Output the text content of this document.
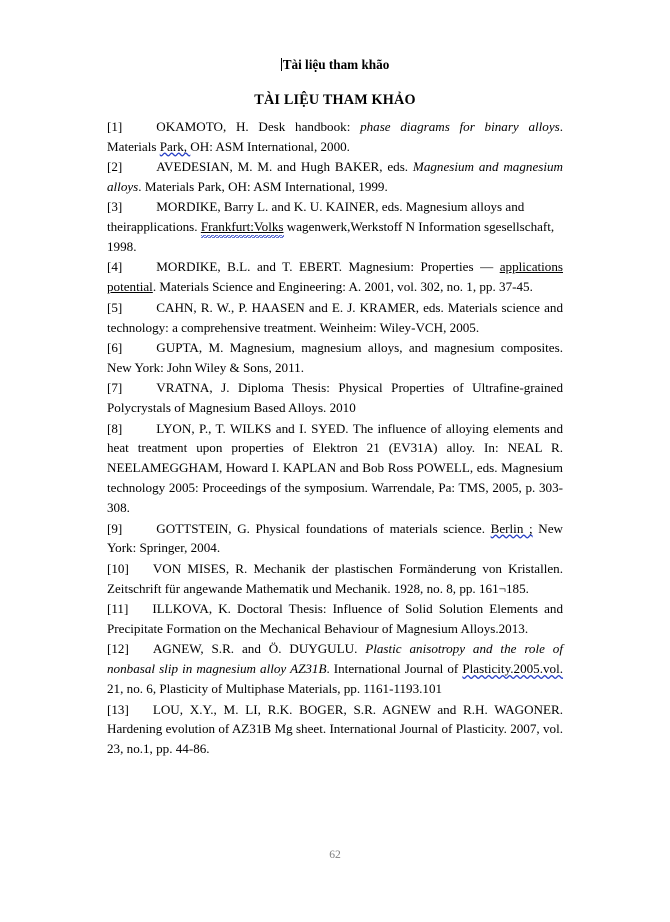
Tài liệu tham khão
TÀI LIỆU THAM KHẢO

[1]	OKAMOTO, H. Desk handbook: phase diagrams for binary alloys. Materials Park, OH: ASM International, 2000.

[2]	AVEDESIAN, M. M. and Hugh BAKER, eds. Magnesium and magnesium alloys. Materials Park, OH: ASM International, 1999.

[3]	MORDIKE, Barry L. and K. U. KAINER, eds. Magnesium alloys and theirapplications. Frankfurt:Volks wagenwerk,Werkstoff N Information sgesellschaft, 1998.

[4]	MORDIKE, B.L. and T. EBERT. Magnesium: Properties — applications potential. Materials Science and Engineering: A. 2001, vol. 302, no. 1, pp. 37-45.

[5]	CAHN, R. W., P. HAASEN and E. J. KRAMER, eds. Materials science and technology: a comprehensive treatment. Weinheim: Wiley-VCH, 2005.

[6]	GUPTA, M. Magnesium, magnesium alloys, and magnesium composites. New York: John Wiley & Sons, 2011.

[7]	VRATNA, J. Diploma Thesis: Physical Properties of Ultrafine-grained Polycrystals of Magnesium Based Alloys. 2010

[8]	LYON, P., T. WILKS and I. SYED. The influence of alloying elements and heat treatment upon properties of Elektron 21 (EV31A) alloy. In: NEAL R. NEELAMEGGHAM, Howard I. KAPLAN and Bob Ross POWELL, eds. Magnesium technology 2005: Proceedings of the symposium. Warrendale, Pa: TMS, 2005, p. 303-308.

[9]	GOTTSTEIN, G. Physical foundations of materials science. Berlin ; New York: Springer, 2004.

[10] VON MISES, R. Mechanik der plastischen Formänderung von Kristallen. Zeitschrift für angewande Mathematik und Mechanik. 1928, no. 8, pp. 161¬185.

[11] ILLKOVA, K. Doctoral Thesis: Influence of Solid Solution Elements and Precipitate Formation on the Mechanical Behaviour of Magnesium Alloys.2013.

[12] AGNEW, S.R. and Ö. DUYGULU. Plastic anisotropy and the role of nonbasal slip in magnesium alloy AZ31B. International Journal of Plasticity.2005.vol. 21, no. 6, Plasticity of Multiphase Materials, pp. 1161-1193.101

[13] LOU, X.Y., M. LI, R.K. BOGER, S.R. AGNEW and R.H. WAGONER. Hardening evolution of AZ31B Mg sheet. International Journal of Plasticity. 2007, vol. 23, no.1, pp. 44-86.

62
